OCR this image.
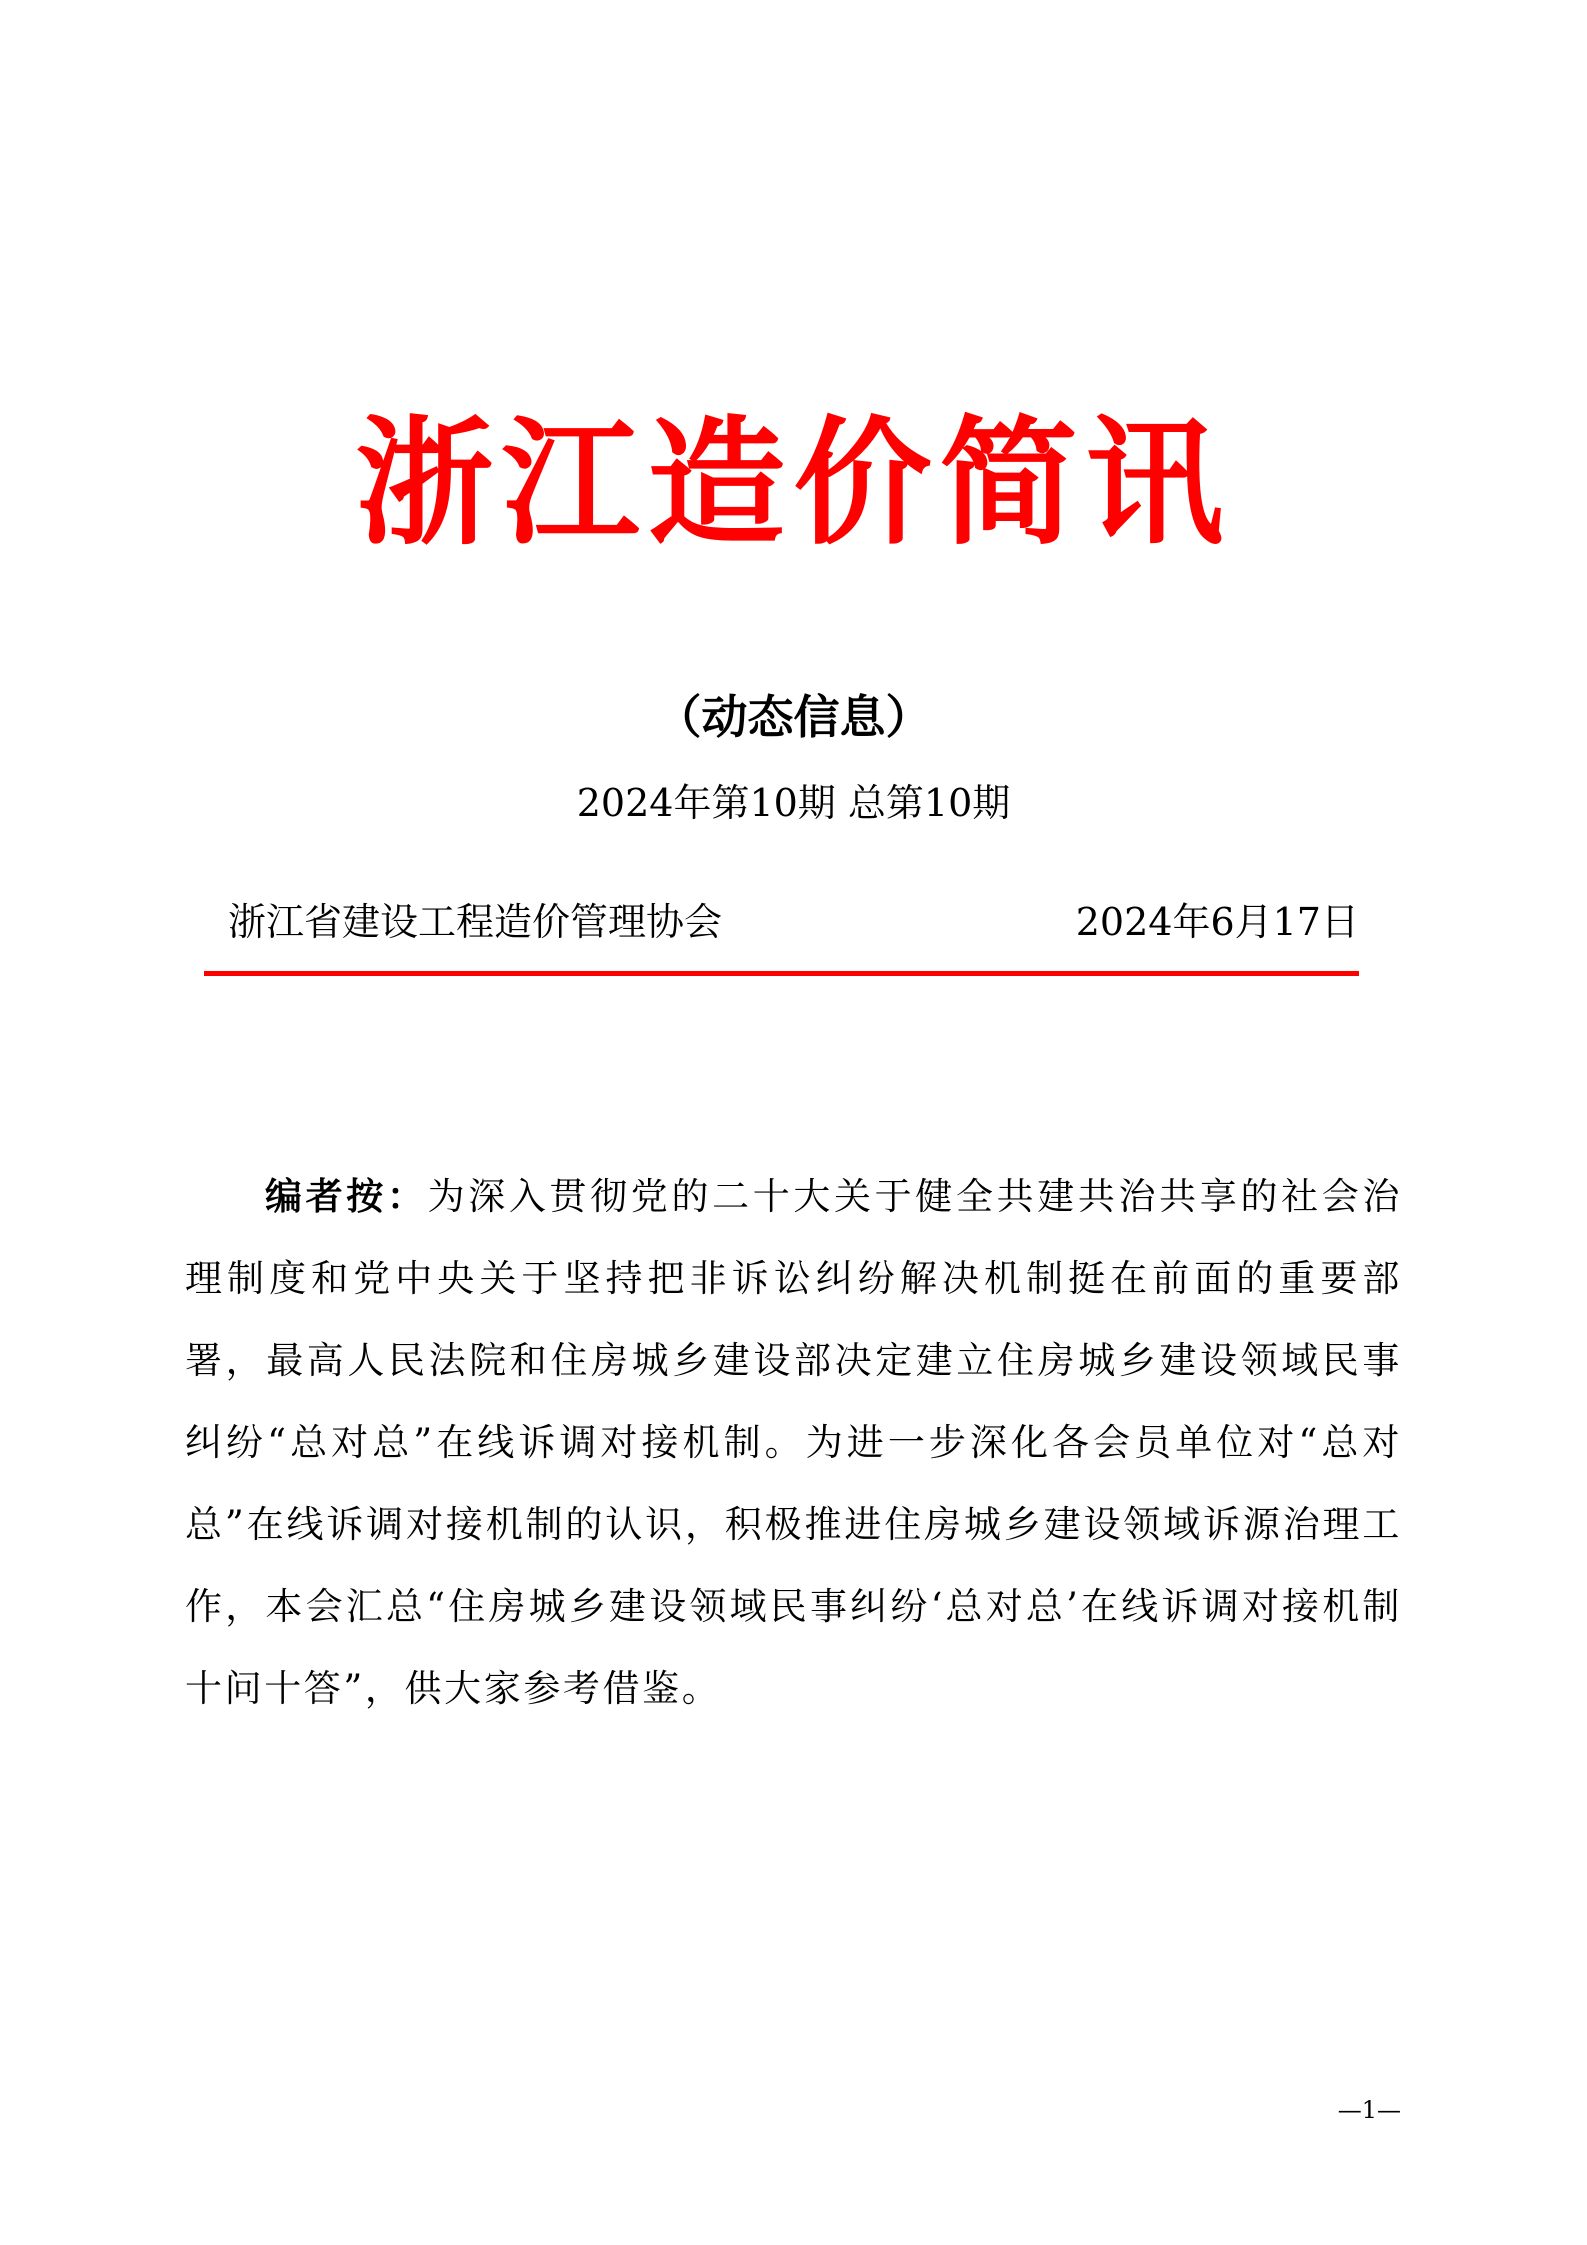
浙江造价简讯
（动态信息）
2024年第10期 总第10期
浙江省建设工程造价管理协会	2024年6月17日

编者按：为深入贯彻党的二十大关于健全共建共治共享的社会治理制度和党中央关于坚持把非诉讼纠纷解决机制挺在前面的重要部署，最高人民法院和住房城乡建设部决定建立住房城乡建设领域民事纠纷“总对总”在线诉调对接机制。为进一步深化各会员单位对“总对总”在线诉调对接机制的认识，积极推进住房城乡建设领域诉源治理工作，本会汇总“住房城乡建设领域民事纠纷‘总对总’在线诉调对接机制十问十答”，供大家参考借鉴。

—1—
